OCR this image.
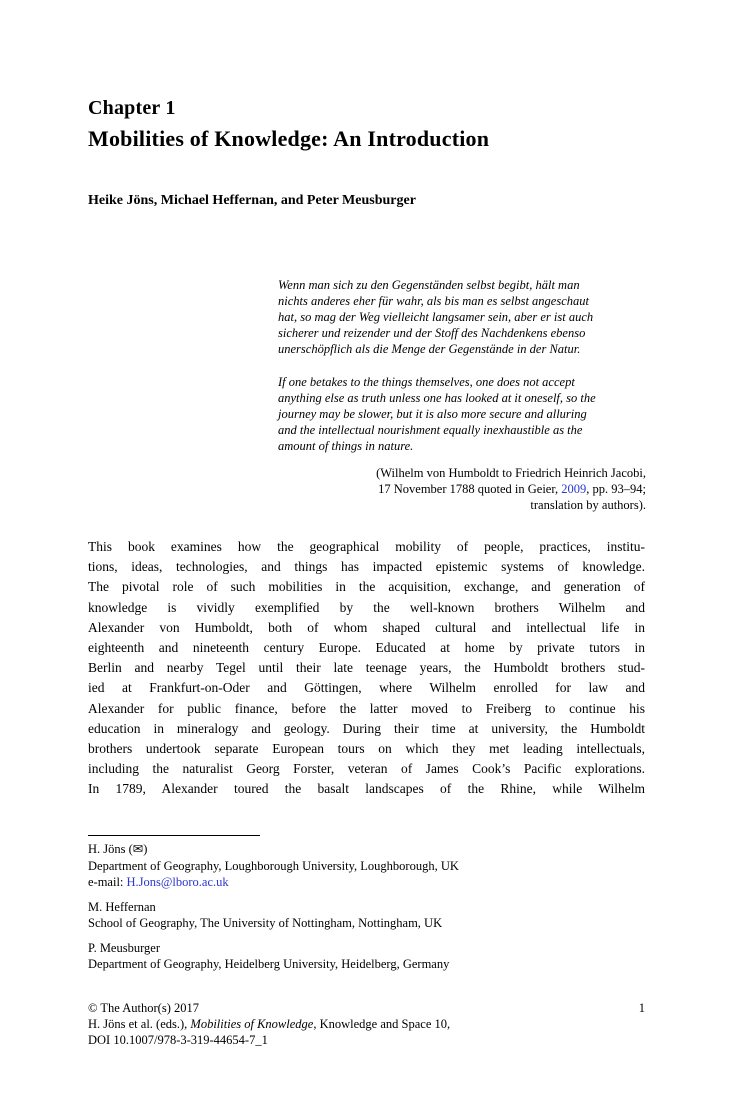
Chapter 1
Mobilities of Knowledge: An Introduction
Heike Jöns, Michael Heffernan, and Peter Meusburger
Wenn man sich zu den Gegenständen selbst begibt, hält man
nichts anderes eher für wahr, als bis man es selbst angeschaut
hat, so mag der Weg vielleicht langsamer sein, aber er ist auch
sicherer und reizender und der Stoff des Nachdenkens ebenso
unerschöpflich als die Menge der Gegenstände in der Natur.
If one betakes to the things themselves, one does not accept
anything else as truth unless one has looked at it oneself, so the
journey may be slower, but it is also more secure and alluring
and the intellectual nourishment equally inexhaustible as the
amount of things in nature.
(Wilhelm von Humboldt to Friedrich Heinrich Jacobi,
17 November 1788 quoted in Geier, 2009, pp. 93–94;
translation by authors).
This book examines how the geographical mobility of people, practices, institu-
tions, ideas, technologies, and things has impacted epistemic systems of knowledge.
The pivotal role of such mobilities in the acquisition, exchange, and generation of
knowledge is vividly exemplified by the well-known brothers Wilhelm and
Alexander von Humboldt, both of whom shaped cultural and intellectual life in
eighteenth and nineteenth century Europe. Educated at home by private tutors in
Berlin and nearby Tegel until their late teenage years, the Humboldt brothers stud-
ied at Frankfurt-on-Oder and Göttingen, where Wilhelm enrolled for law and
Alexander for public finance, before the latter moved to Freiberg to continue his
education in mineralogy and geology. During their time at university, the Humboldt
brothers undertook separate European tours on which they met leading intellectuals,
including the naturalist Georg Forster, veteran of James Cook’s Pacific explorations.
In 1789, Alexander toured the basalt landscapes of the Rhine, while Wilhelm
H. Jöns (✉)
Department of Geography, Loughborough University, Loughborough, UK
e-mail: H.Jons@lboro.ac.uk
M. Heffernan
School of Geography, The University of Nottingham, Nottingham, UK
P. Meusburger
Department of Geography, Heidelberg University, Heidelberg, Germany
© The Author(s) 2017	1
H. Jöns et al. (eds.), Mobilities of Knowledge, Knowledge and Space 10,
DOI 10.1007/978-3-319-44654-7_1
